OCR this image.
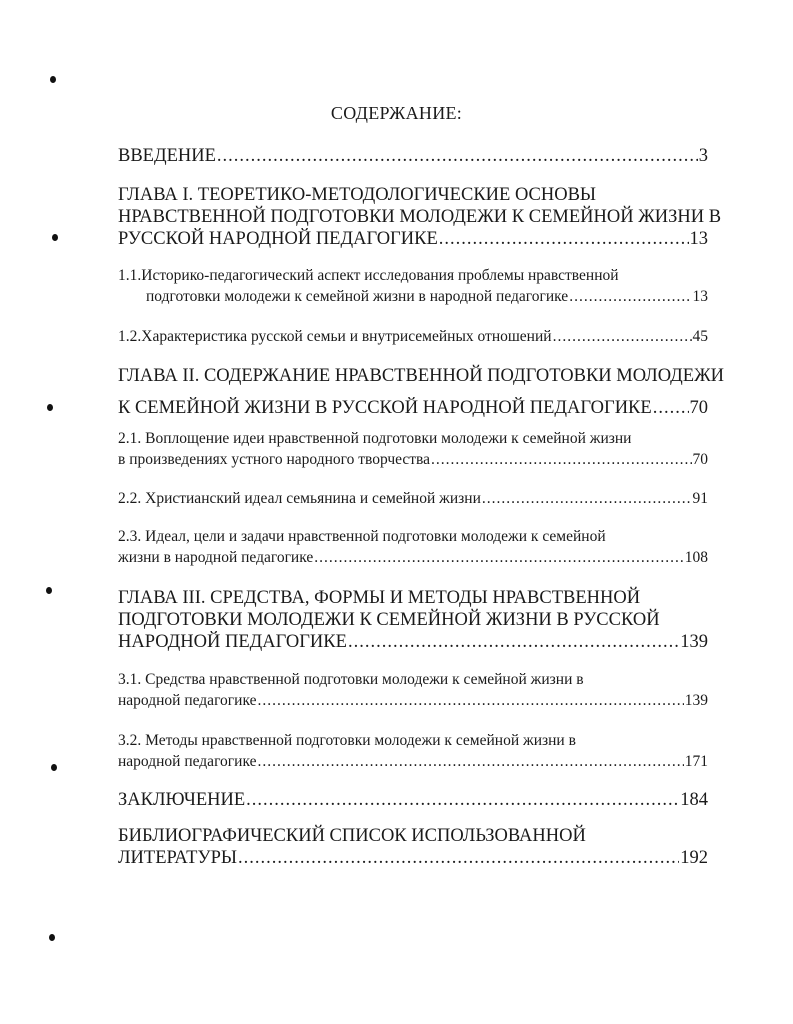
СОДЕРЖАНИЕ:
ВВЕДЕНИЕ .....	3
ГЛАВА I. ТЕОРЕТИКО-МЕТОДОЛОГИЧЕСКИЕ ОСНОВЫ
НРАВСТВЕННОЙ ПОДГОТОВКИ МОЛОДЕЖИ К СЕМЕЙНОЙ ЖИЗНИ В
РУССКОЙ НАРОДНОЙ ПЕДАГОГИКЕ .....	13
1.1.Историко-педагогический аспект исследования проблемы нравственной
подготовки молодежи к семейной жизни в народной педагогике .....	13
1.2.Характеристика русской семьи и внутрисемейных отношений .....	45
ГЛАВА II. СОДЕРЖАНИЕ НРАВСТВЕННОЙ ПОДГОТОВКИ МОЛОДЕЖИ
К СЕМЕЙНОЙ ЖИЗНИ В РУССКОЙ НАРОДНОЙ ПЕДАГОГИКЕ ..... 70
2.1. Воплощение идеи нравственной подготовки молодежи к семейной жизни
в произведениях устного народного творчества .....	70
2.2. Христианский идеал семьянина и семейной жизни .....	91
2.3. Идеал, цели и задачи нравственной подготовки молодежи к семейной
жизни в народной педагогике .....	108
ГЛАВА III. СРЕДСТВА, ФОРМЫ И МЕТОДЫ НРАВСТВЕННОЙ
ПОДГОТОВКИ МОЛОДЕЖИ К СЕМЕЙНОЙ ЖИЗНИ В РУССКОЙ
НАРОДНОЙ ПЕДАГОГИКЕ .....	139
3.1. Средства нравственной подготовки молодежи к семейной жизни в
народной педагогике .....	139
3.2. Методы нравственной подготовки молодежи к семейной жизни в
народной педагогике .....	171
ЗАКЛЮЧЕНИЕ .....	184
БИБЛИОГРАФИЧЕСКИЙ СПИСОК ИСПОЛЬЗОВАННОЙ
ЛИТЕРАТУРЫ .....	192
